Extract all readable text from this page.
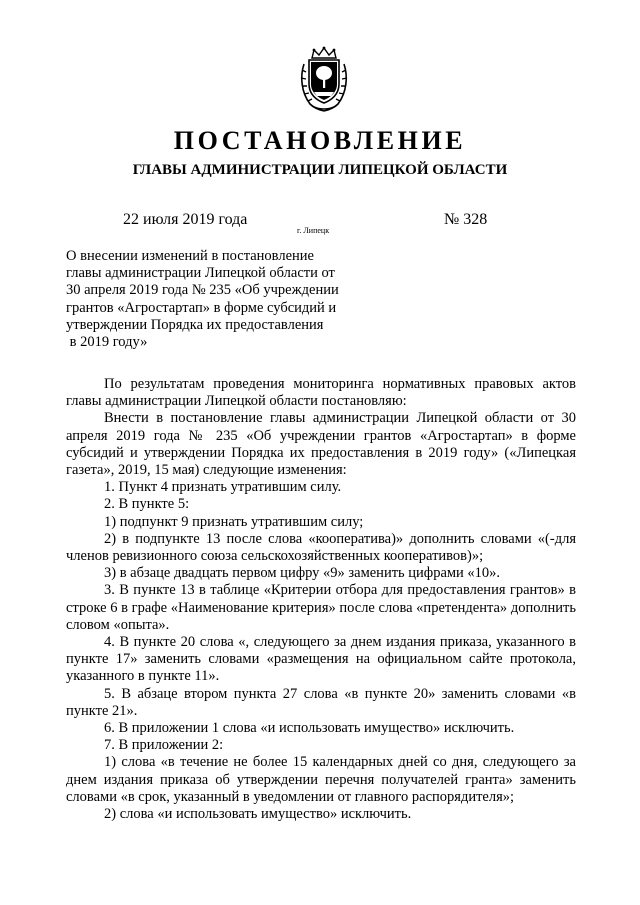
ПОСТАНОВЛЕНИЕ
ГЛАВЫ АДМИНИСТРАЦИИ ЛИПЕЦКОЙ ОБЛАСТИ
22 июля 2019 года	№ 328
г. Липецк
О внесении изменений в постановление
главы администрации Липецкой области от
30 апреля 2019 года № 235 «Об учреждении
грантов «Агростартап» в форме субсидий и
утверждении Порядка их предоставления
в 2019 году»

По результатам проведения мониторинга нормативных правовых актов главы администрации Липецкой области постановляю:

Внести в постановление главы администрации Липецкой области от 30 апреля 2019 года № 235 «Об учреждении грантов «Агростартап» в форме субсидий и утверждении Порядка их предоставления в 2019 году» («Липецкая газета», 2019, 15 мая) следующие изменения:

1. Пункт 4 признать утратившим силу.

2. В пункте 5:

1) подпункт 9 признать утратившим силу;

2) в подпункте 13 после слова «кооператива)» дополнить словами «(-для членов ревизионного союза сельскохозяйственных кооперативов)»;

3) в абзаце двадцать первом цифру «9» заменить цифрами «10».

3. В пункте 13 в таблице «Критерии отбора для предоставления грантов» в строке 6 в графе «Наименование критерия» после слова «претендента» дополнить словом «опыта».

4. В пункте 20 слова «, следующего за днем издания приказа, указанного в пункте 17» заменить словами «размещения на официальном сайте протокола, указанного в пункте 11».

5. В абзаце втором пункта 27 слова «в пункте 20» заменить словами «в пункте 21».

6. В приложении 1 слова «и использовать имущество» исключить.

7. В приложении 2:

1) слова «в течение не более 15 календарных дней со дня, следующего за днем издания приказа об утверждении перечня получателей гранта» заменить словами «в срок, указанный в уведомлении от главного распорядителя»;

2) слова «и использовать имущество» исключить.
